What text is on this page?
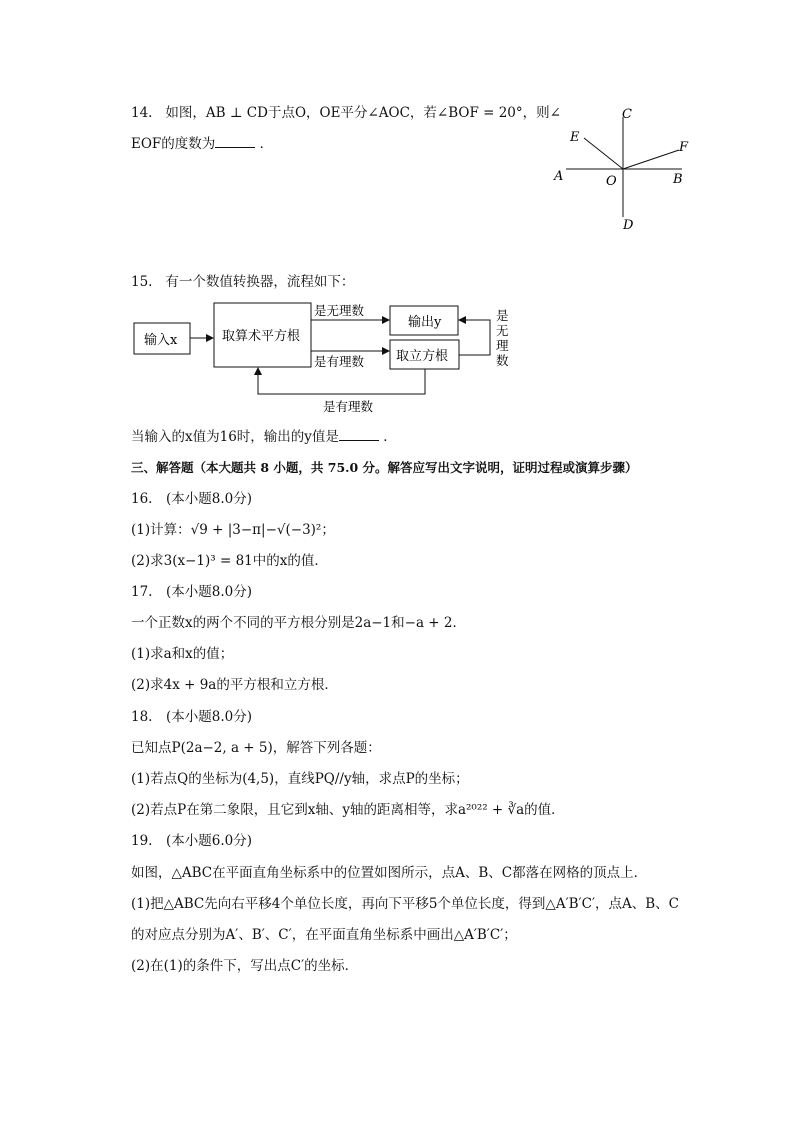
14. 如图，AB ⊥ CD于点O，OE平分∠AOC，若∠BOF = 20°，则∠
EOF的度数为	．
C
E
F
A	O	B
D
15. 有一个数值转换器，流程如下：
输入x	取算术平方根
输出y
取立方根
是无理数
是有理数
是
无
理
数
是有理数
当输入的x值为16时，输出的y值是	．
三、解答题（本大题共 8 小题，共 75.0 分。解答应写出文字说明，证明过程或演算步骤）
16.　(本小题8.0分)
(1)计算：√9 + |3−π|−√(−3)²；
(2)求3(x−1)³ = 81中的x的值．
17.　(本小题8.0分)
一个正数x的两个不同的平方根分别是2a−1和−a + 2．
(1)求a和x的值；
(2)求4x + 9a的平方根和立方根．
18.　(本小题8.0分)
已知点P(2a−2, a + 5)，解答下列各题：
(1)若点Q的坐标为(4,5)，直线PQ//y轴，求点P的坐标；
(2)若点P在第二象限，且它到x轴、y轴的距离相等，求a²⁰²² + ∛a的值．
19.　(本小题6.0分)
如图，△ABC在平面直角坐标系中的位置如图所示，点A、B、C都落在网格的顶点上．
(1)把△ABC先向右平移4个单位长度，再向下平移5个单位长度，得到△A′B′C′，点A、B、C
的对应点分别为A′、B′、C′，在平面直角坐标系中画出△A′B′C′；
(2)在(1)的条件下，写出点C′的坐标．
